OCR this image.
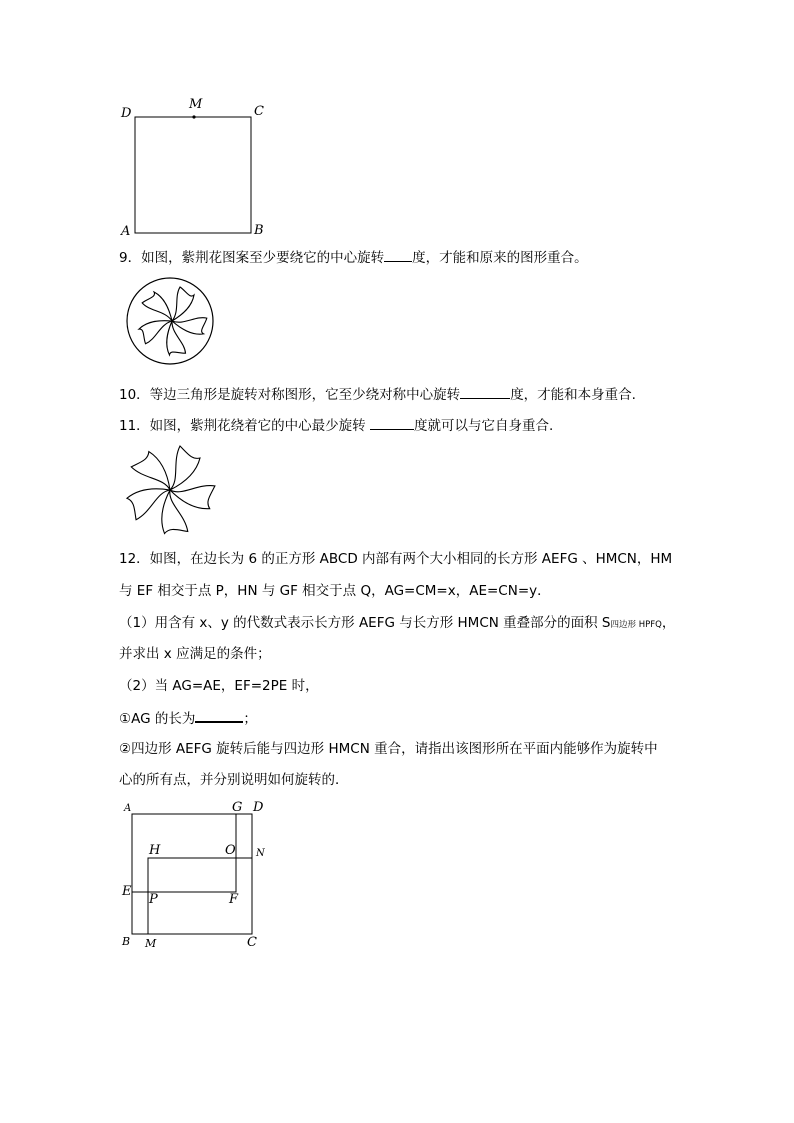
D
M	C
A	B
9．如图，紫荆花图案至少要绕它的中心旋转 度，才能和原来的图形重合。
10．等边三角形是旋转对称图形，它至少绕对称中心旋转	度，才能和本身重合.
11．如图，紫荆花绕着它的中心最少旋转	度就可以与它自身重合.
12．如图，在边长为 6 的正方形 ABCD 内部有两个大小相同的长方形 AEFG 、HMCN，HM
与 EF 相交于点 P，HN 与 GF 相交于点 Q，AG=CM=x，AE=CN=y．
（1）用含有 x、y 的代数式表示长方形 AEFG 与长方形 HMCN 重叠部分的面积 S四边形 HPFQ，
并求出 x 应满足的条件；
（2）当 AG=AE，EF=2PE 时，
①AG 的长为	；
②四边形 AEFG 旋转后能与四边形 HMCN 重合，请指出该图形所在平面内能够作为旋转中
心的所有点，并分别说明如何旋转的．
A	G D
H	O N
E
P	F
B M	C
